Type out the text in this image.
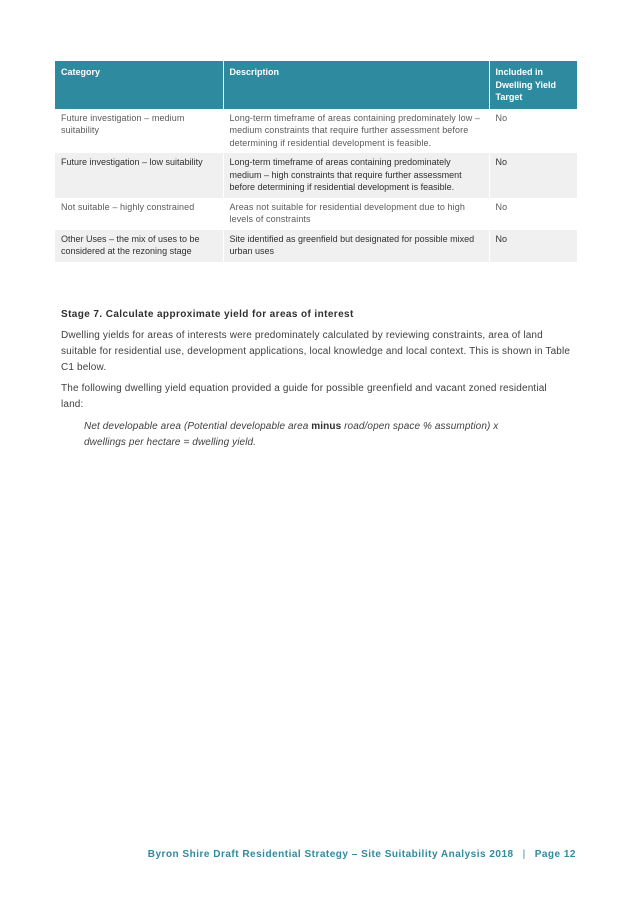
Category	Description	Included in Dwelling Yield Target
Future investigation – medium suitability	Long-term timeframe of areas containing predominately low – medium constraints that require further assessment before determining if residential development is feasible.	No
Future investigation – low suitability	Long-term timeframe of areas containing predominately medium – high constraints that require further assessment before determining if residential development is feasible.	No
Not suitable – highly constrained	Areas not suitable for residential development due to high levels of constraints	No
Other Uses – the mix of uses to be considered at the rezoning stage	Site identified as greenfield but designated for possible mixed urban uses	No
Stage 7. Calculate approximate yield for areas of interest

Dwelling yields for areas of interests were predominately calculated by reviewing constraints, area of land suitable for residential use, development applications, local knowledge and local context. This is shown in Table C1 below.

The following dwelling yield equation provided a guide for possible greenfield and vacant zoned residential land:

Net developable area (Potential developable area minus road/open space % assumption) x dwellings per hectare = dwelling yield.
Byron Shire Draft Residential Strategy – Site Suitability Analysis 2018 | Page 12
